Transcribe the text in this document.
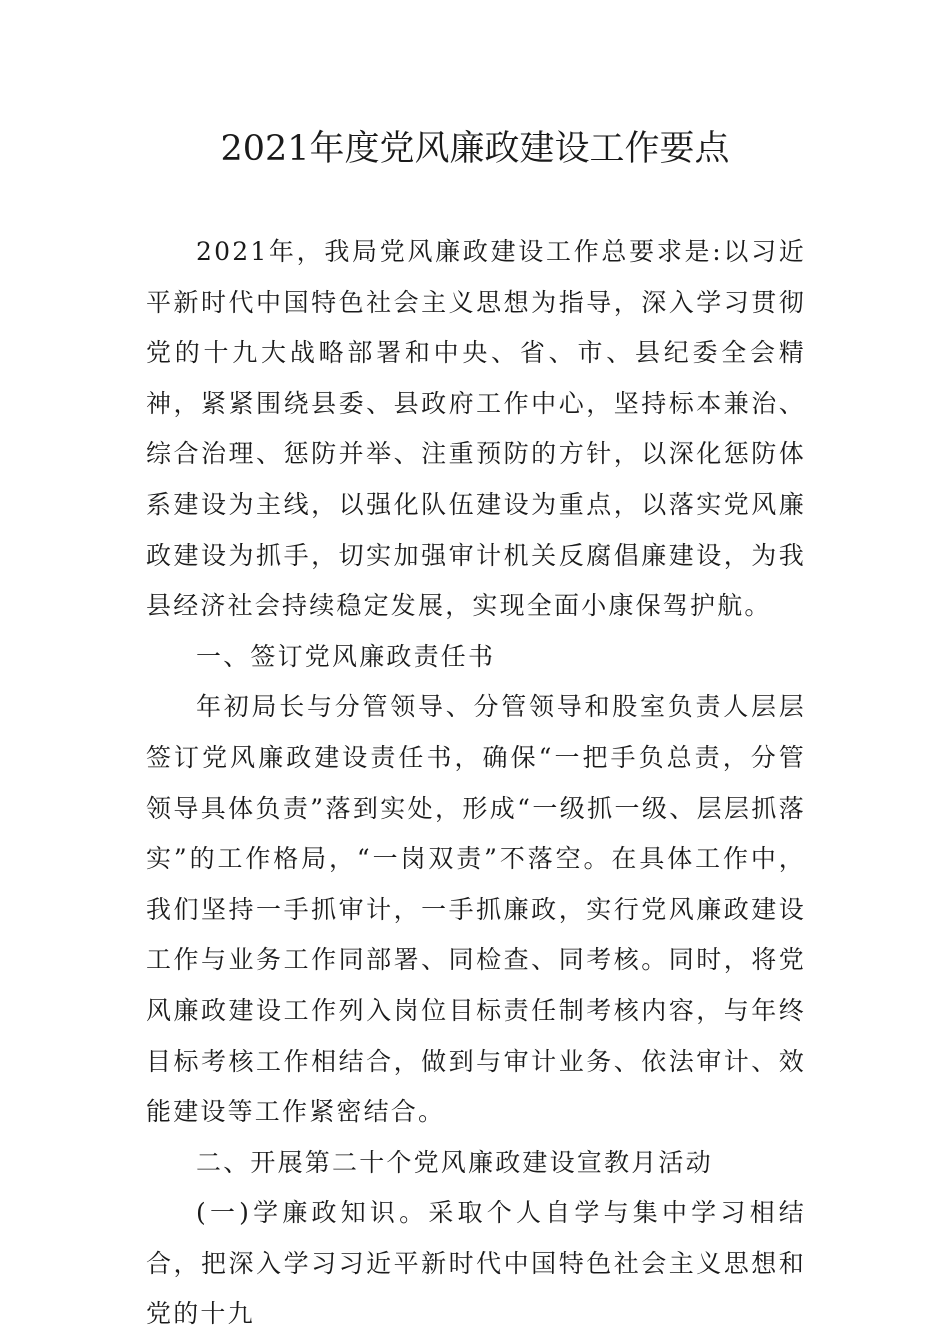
2021年度党风廉政建设工作要点

2021年，我局党风廉政建设工作总要求是:以习近平新时代中国特色社会主义思想为指导，深入学习贯彻党的十九大战略部署和中央、省、市、县纪委全会精神，紧紧围绕县委、县政府工作中心，坚持标本兼治、综合治理、惩防并举、注重预防的方针，以深化惩防体系建设为主线，以强化队伍建设为重点，以落实党风廉政建设为抓手，切实加强审计机关反腐倡廉建设，为我县经济社会持续稳定发展，实现全面小康保驾护航。

一、签订党风廉政责任书

年初局长与分管领导、分管领导和股室负责人层层签订党风廉政建设责任书，确保“一把手负总责，分管领导具体负责”落到实处，形成“一级抓一级、层层抓落实”的工作格局，“一岗双责”不落空。在具体工作中，我们坚持一手抓审计，一手抓廉政，实行党风廉政建设工作与业务工作同部署、同检查、同考核。同时，将党风廉政建设工作列入岗位目标责任制考核内容，与年终目标考核工作相结合，做到与审计业务、依法审计、效能建设等工作紧密结合。

二、开展第二十个党风廉政建设宣教月活动

(一)学廉政知识。采取个人自学与集中学习相结合，把深入学习习近平新时代中国特色社会主义思想和党的十九
